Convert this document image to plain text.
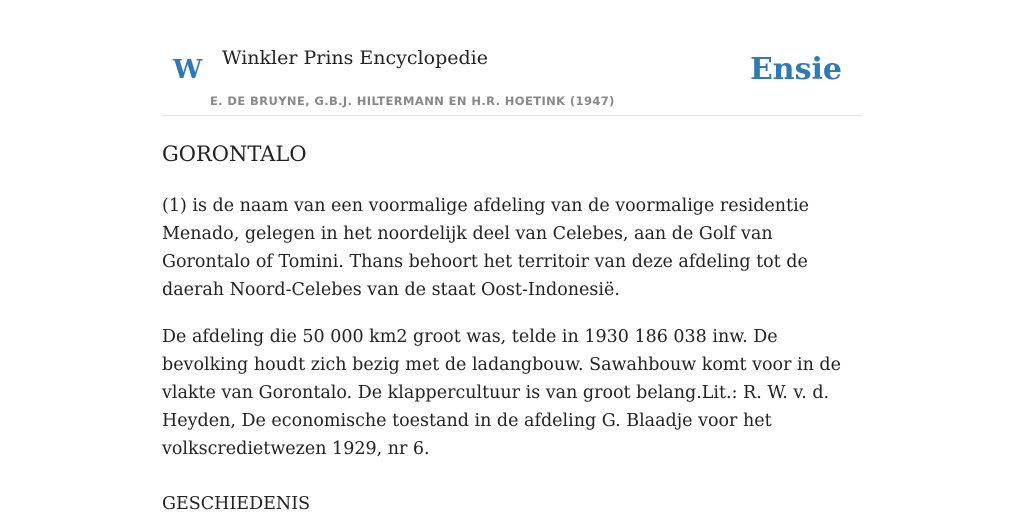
W Winkler Prins Encyclopedie	Ensie
E. DE BRUYNE, G.B.J. HILTERMANN EN H.R. HOETINK (1947)
GORONTALO

(1) is de naam van een voormalige afdeling van de voormalige residentie Menado, gelegen in het noordelijk deel van Celebes, aan de Golf van Gorontalo of Tomini. Thans behoort het territoir van deze afdeling tot de daerah Noord-Celebes van de staat Oost-Indonesië.

De afdeling die 50 000 km2 groot was, telde in 1930 186 038 inw. De bevolking houdt zich bezig met de ladangbouw. Sawahbouw komt voor in de vlakte van Gorontalo. De klappercultuur is van groot belang.Lit.: R. W. v. d. Heyden, De economische toestand in de afdeling G. Blaadje voor het volkscredietwezen 1929, nr 6.

GESCHIEDENIS
